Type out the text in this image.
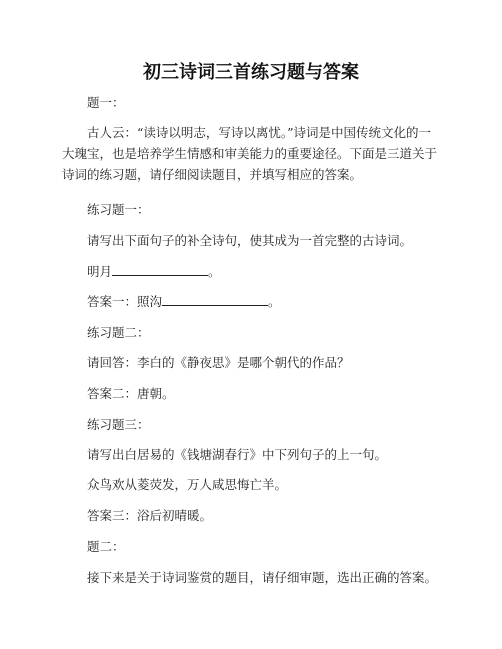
初三诗词三首练习题与答案

题一：

古人云：“读诗以明志，写诗以离忧。”诗词是中国传统文化的一大瑰宝，也是培养学生情感和审美能力的重要途径。下面是三道关于诗词的练习题，请仔细阅读题目，并填写相应的答案。

练习题一：

请写出下面句子的补全诗句，使其成为一首完整的古诗词。

明月	。

答案一：照沟	。

练习题二：

请回答：李白的《静夜思》是哪个朝代的作品？

答案二：唐朝。

练习题三：

请写出白居易的《钱塘湖春行》中下列句子的上一句。

众鸟欢从菱荧发，万人咸思悔亡羊。

答案三：浴后初晴暖。

题二：

接下来是关于诗词鉴赏的题目，请仔细审题，选出正确的答案。
